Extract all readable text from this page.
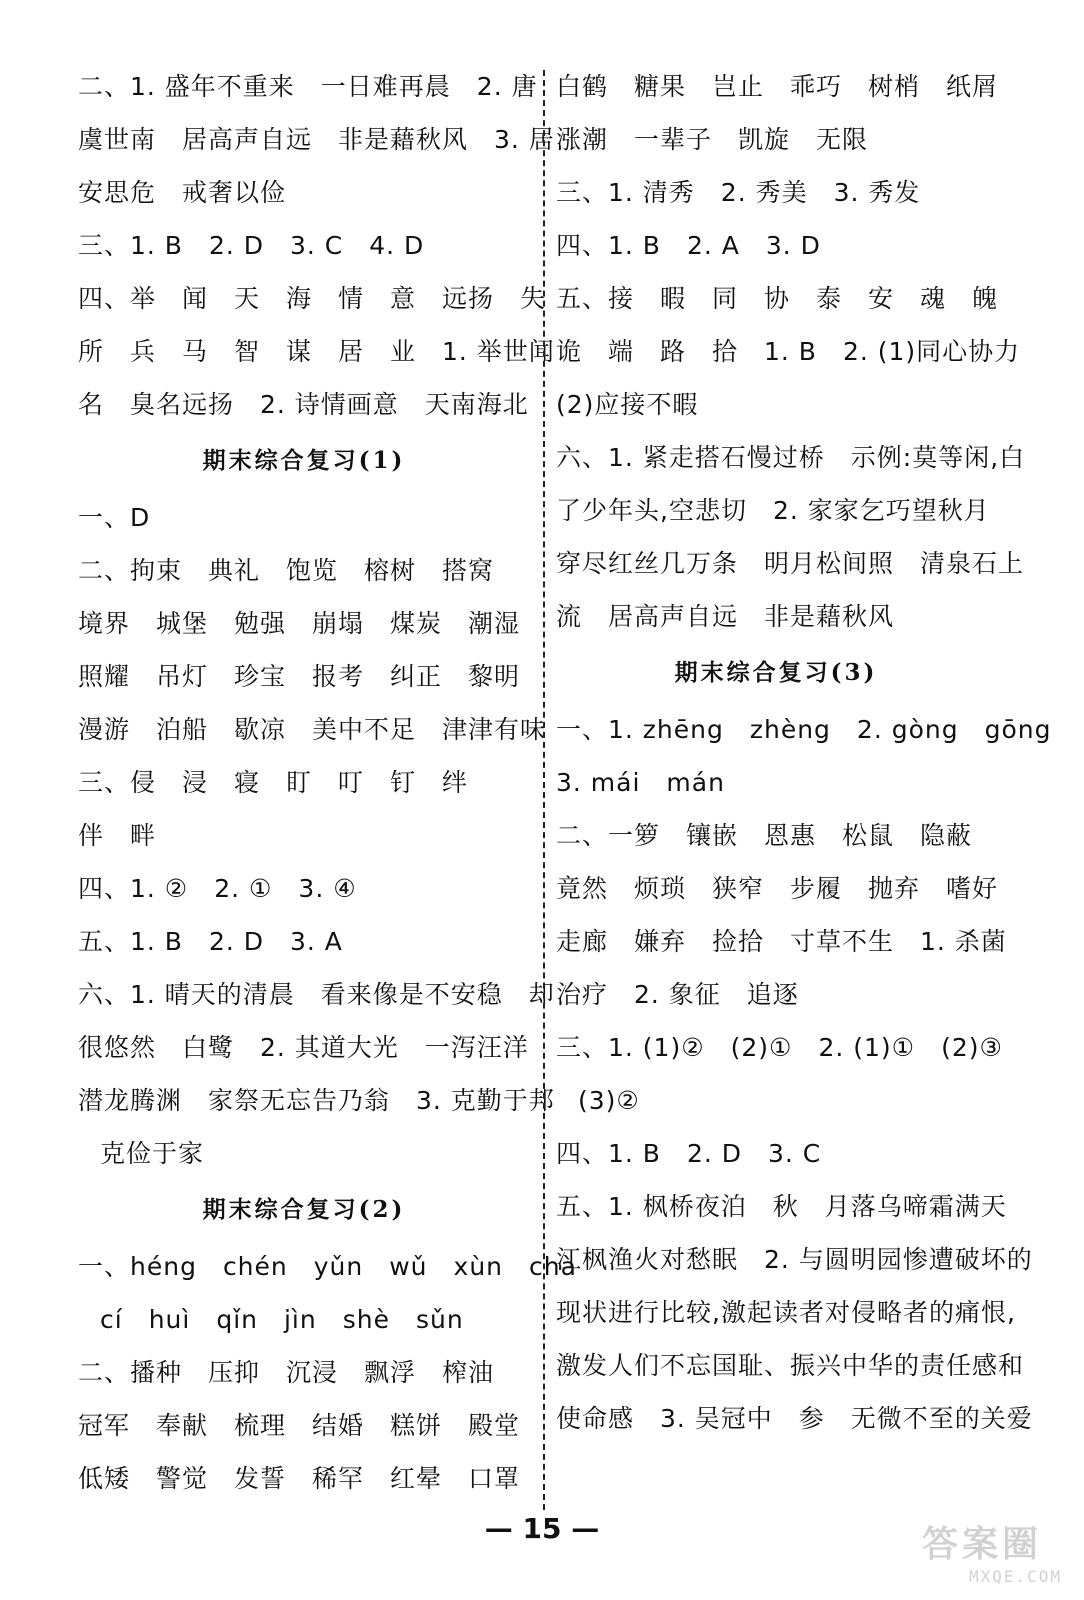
二、1. 盛年不重来　一日难再晨　2. 唐
虞世南　居高声自远　非是藉秋风　3. 居
安思危　戒奢以俭
三、1. B　2. D　3. C　4. D
四、举　闻　天　海　情　意　远扬　失
所　兵　马　智　谋　居　业　1. 举世闻
名　臭名远扬　2. 诗情画意　天南海北
期末综合复习(1)
一、D
二、拘束　典礼　饱览　榕树　搭窝
境界　城堡　勉强　崩塌　煤炭　潮湿
照耀　吊灯　珍宝　报考　纠正　黎明
漫游　泊船　歇凉　美中不足　津津有味
三、侵　浸　寝　盯　叮　钉　绊
伴　畔
四、1. ②　2. ①　3. ④
五、1. B　2. D　3. A
六、1. 晴天的清晨　看来像是不安稳　却
很悠然　白鹭　2. 其道大光　一泻汪洋
潜龙腾渊　家祭无忘告乃翁　3. 克勤于邦
克俭于家
期末综合复习(2)
一、héng　chén　yǔn　wǔ　xùn　chà
cí　huì　qǐn　jìn　shè　sǔn
二、播种　压抑　沉浸　飘浮　榨油
冠军　奉献　梳理　结婚　糕饼　殿堂
低矮　警觉　发誓　稀罕　红晕　口罩
白鹤　糖果　岂止　乖巧　树梢　纸屑
涨潮　一辈子　凯旋　无限
三、1. 清秀　2. 秀美　3. 秀发
四、1. B　2. A　3. D
五、接　暇　同　协　泰　安　魂　魄
诡　端　路　拾　1. B　2. (1)同心协力
(2)应接不暇
六、1. 紧走搭石慢过桥　示例:莫等闲,白
了少年头,空悲切　2. 家家乞巧望秋月
穿尽红丝几万条　明月松间照　清泉石上
流　居高声自远　非是藉秋风
期末综合复习(3)
一、1. zhēng　zhèng　2. gòng　gōng
3. mái　mán
二、一箩　镶嵌　恩惠　松鼠　隐蔽
竟然　烦琐　狭窄　步履　抛弃　嗜好
走廊　嫌弃　捡拾　寸草不生　1. 杀菌
治疗　2. 象征　追逐
三、1. (1)②　(2)①　2. (1)①　(2)③
(3)②
四、1. B　2. D　3. C
五、1. 枫桥夜泊　秋　月落乌啼霜满天
江枫渔火对愁眠　2. 与圆明园惨遭破坏的
现状进行比较,激起读者对侵略者的痛恨,
激发人们不忘国耻、振兴中华的责任感和
使命感　3. 吴冠中　参　无微不至的关爱
— 15 —	答案圈
MXQE.COM
